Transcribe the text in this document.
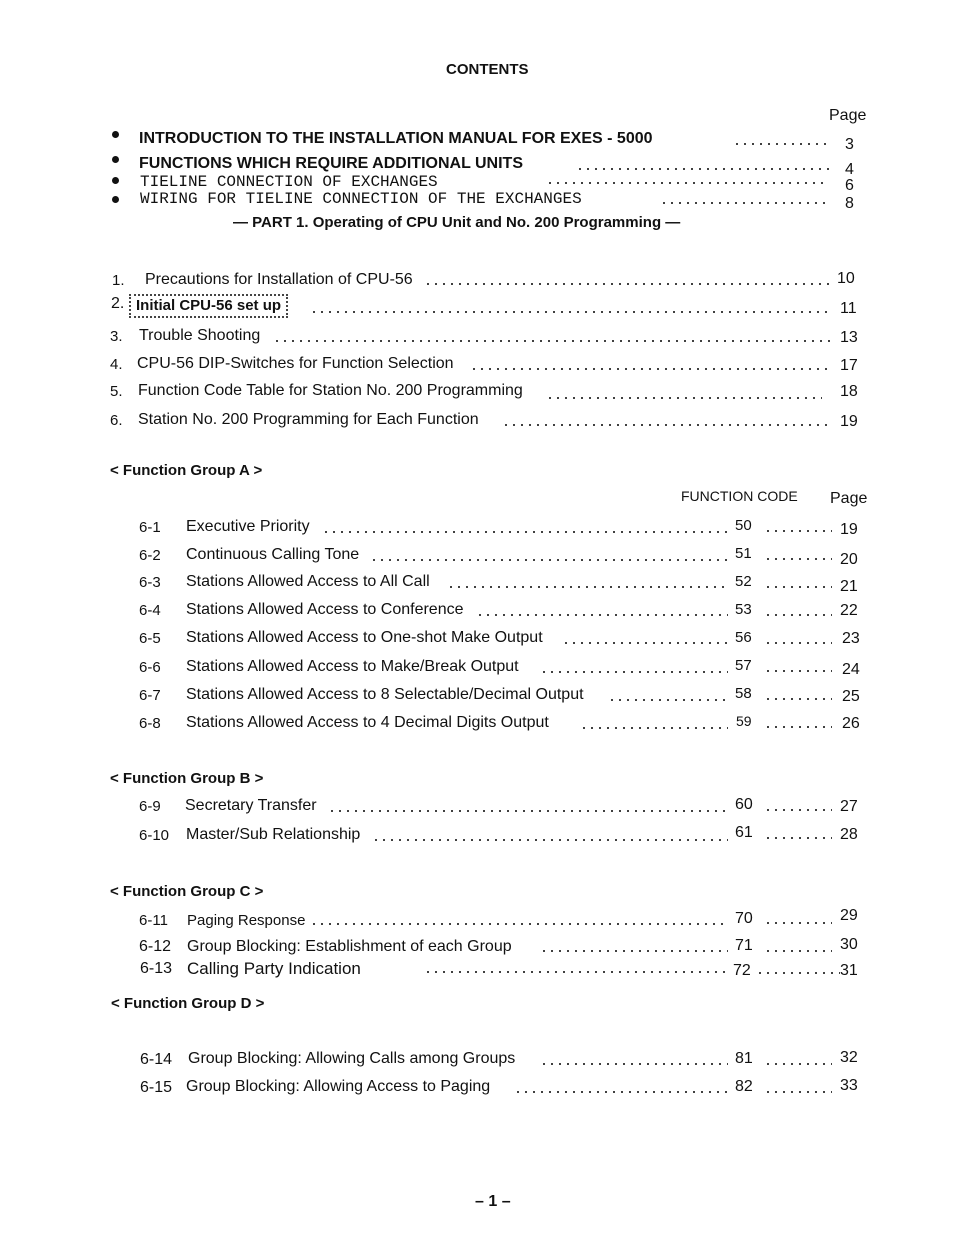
CONTENTS
Page
INTRODUCTION TO THE INSTALLATION MANUAL FOR EXES - 5000	3
FUNCTIONS WHICH REQUIRE ADDITIONAL UNITS	4
TIELINE CONNECTION OF EXCHANGES	6
WIRING FOR TIELINE CONNECTION OF THE EXCHANGES	8
— PART 1. Operating of CPU Unit and No. 200 Programming —
1. Precautions for Installation of CPU-56	10
2. Initial CPU-56 set up	11
3. Trouble Shooting	13
4. CPU-56 DIP-Switches for Function Selection	17
5. Function Code Table for Station No. 200 Programming	18
6. Station No. 200 Programming for Each Function	19
< Function Group A >
FUNCTION CODE Page
6-1 Executive Priority	50	19
6-2 Continuous Calling Tone	51	20
6-3 Stations Allowed Access to All Call	52	21
6-4 Stations Allowed Access to Conference	53	22
6-5 Stations Allowed Access to One-shot Make Output	56	23
6-6 Stations Allowed Access to Make/Break Output	57	24
6-7 Stations Allowed Access to 8 Selectable/Decimal Output	58	25
6-8 Stations Allowed Access to 4 Decimal Digits Output	59	26
< Function Group B >
6-9 Secretary Transfer	60	27
6-10 Master/Sub Relationship	61	28
< Function Group C >
6-11 Paging Response	70	29
6-12 Group Blocking: Establishment of each Group	71	30
6-13 Calling Party Indication	72	31
< Function Group D >
6-14 Group Blocking: Allowing Calls among Groups	81	32
6-15 Group Blocking: Allowing Access to Paging	82	33
– 1 –
